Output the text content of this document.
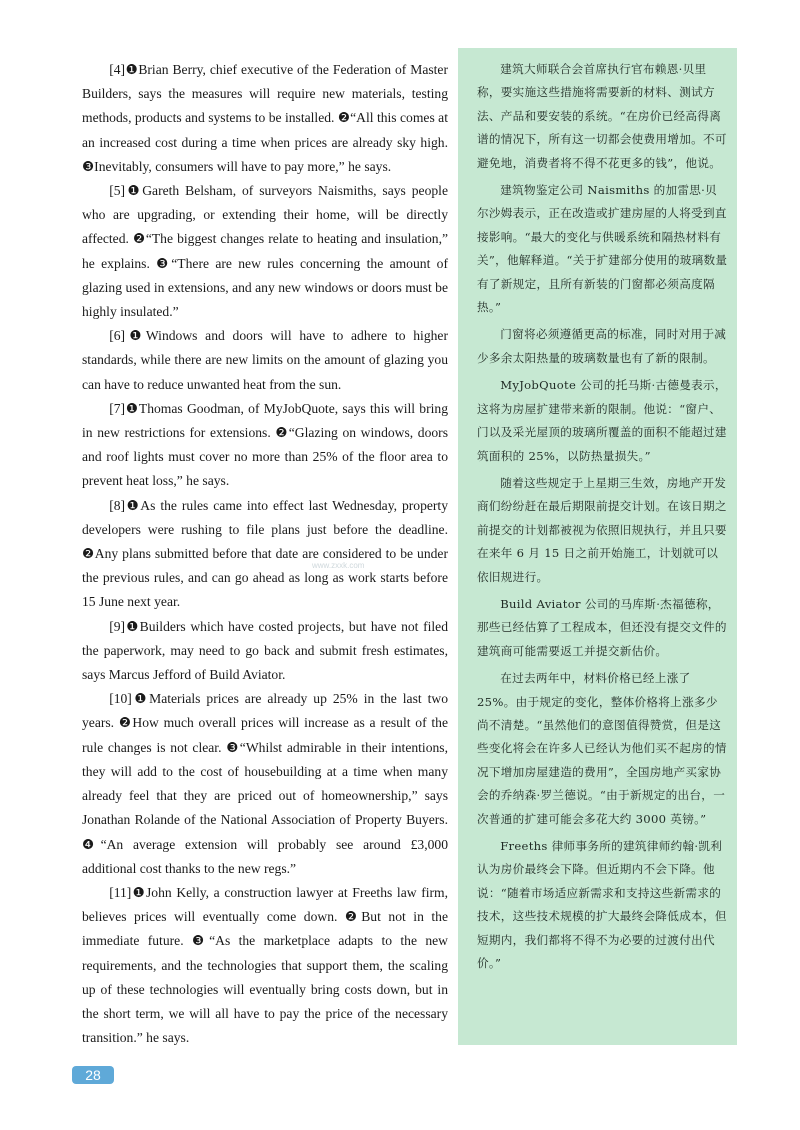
[4]❶Brian Berry, chief executive of the Federation of Master Builders, says the measures will require new materials, testing methods, products and systems to be installed. ❷“All this comes at an increased cost during a time when prices are already sky high. ❸Inevitably, consumers will have to pay more,” he says.

[5]❶Gareth Belsham, of surveyors Naismiths, says people who are upgrading, or extending their home, will be directly affected. ❷“The biggest changes relate to heating and insulation,” he explains. ❸“There are new rules concerning the amount of glazing used in extensions, and any new windows or doors must be highly insulated.”

[6]❶Windows and doors will have to adhere to higher standards, while there are new limits on the amount of glazing you can have to reduce unwanted heat from the sun.

[7]❶Thomas Goodman, of MyJobQuote, says this will bring in new restrictions for extensions. ❷“Glazing on windows, doors and roof lights must cover no more than 25% of the floor area to prevent heat loss,” he says.

[8]❶As the rules came into effect last Wednesday, property developers were rushing to file plans just before the deadline. ❷Any plans submitted before that date are considered to be under the previous rules, and can go ahead as long as work starts before 15 June next year.

[9]❶Builders which have costed projects, but have not filed the paperwork, may need to go back and submit fresh estimates, says Marcus Jefford of Build Aviator.

[10]❶Materials prices are already up 25% in the last two years. ❷How much overall prices will increase as a result of the rule changes is not clear. ❸“Whilst admirable in their intentions, they will add to the cost of housebuilding at a time when many already feel that they are priced out of homeownership,” says Jonathan Rolande of the National Association of Property Buyers. ❹“An average extension will probably see around £3,000 additional cost thanks to the new regs.”

[11]❶John Kelly, a construction lawyer at Freeths law firm, believes prices will eventually come down. ❷But not in the immediate future. ❸“As the marketplace adapts to the new requirements, and the technologies that support them, the scaling up of these technologies will eventually bring costs down, but in the short term, we will all have to pay the price of the necessary transition.” he says.

建筑大师联合会首席执行官布赖恩·贝里称，要实施这些措施将需要新的材料、测试方法、产品和要安装的系统。“在房价已经高得离谱的情况下，所有这一切都会使费用增加。不可避免地，消费者将不得不花更多的钱”，他说。

建筑物鉴定公司 Naismiths 的加雷思·贝尔沙姆表示，正在改造或扩建房屋的人将受到直接影响。“最大的变化与供暖系统和隔热材料有关”，他解释道。“关于扩建部分使用的玻璃数量有了新规定，且所有新装的门窗都必须高度隔热。”

门窗将必须遵循更高的标准，同时对用于减少多余太阳热量的玻璃数量也有了新的限制。

MyJobQuote 公司的托马斯·古德曼表示，这将为房屋扩建带来新的限制。他说：“窗户、门以及采光屋顶的玻璃所覆盖的面积不能超过建筑面积的 25%，以防热量损失。”

随着这些规定于上星期三生效，房地产开发商们纷纷赶在最后期限前提交计划。在该日期之前提交的计划都被视为依照旧规执行，并且只要在来年 6 月 15 日之前开始施工，计划就可以依旧规进行。

Build Aviator 公司的马库斯·杰福德称，那些已经估算了工程成本，但还没有提交文件的建筑商可能需要返工并提交新估价。

在过去两年中，材料价格已经上涨了25%。由于规定的变化，整体价格将上涨多少尚不清楚。“虽然他们的意图值得赞赏，但是这些变化将会在许多人已经认为他们买不起房的情况下增加房屋建造的费用”，全国房地产买家协会的乔纳森·罗兰德说。“由于新规定的出台，一次普通的扩建可能会多花大约 3000 英镑。”

Freeths 律师事务所的建筑律师约翰·凯利认为房价最终会下降。但近期内不会下降。他说：“随着市场适应新需求和支持这些新需求的技术，这些技术规模的扩大最终会降低成本，但短期内，我们都将不得不为必要的过渡付出代价。”

www.zxxk.com
28
